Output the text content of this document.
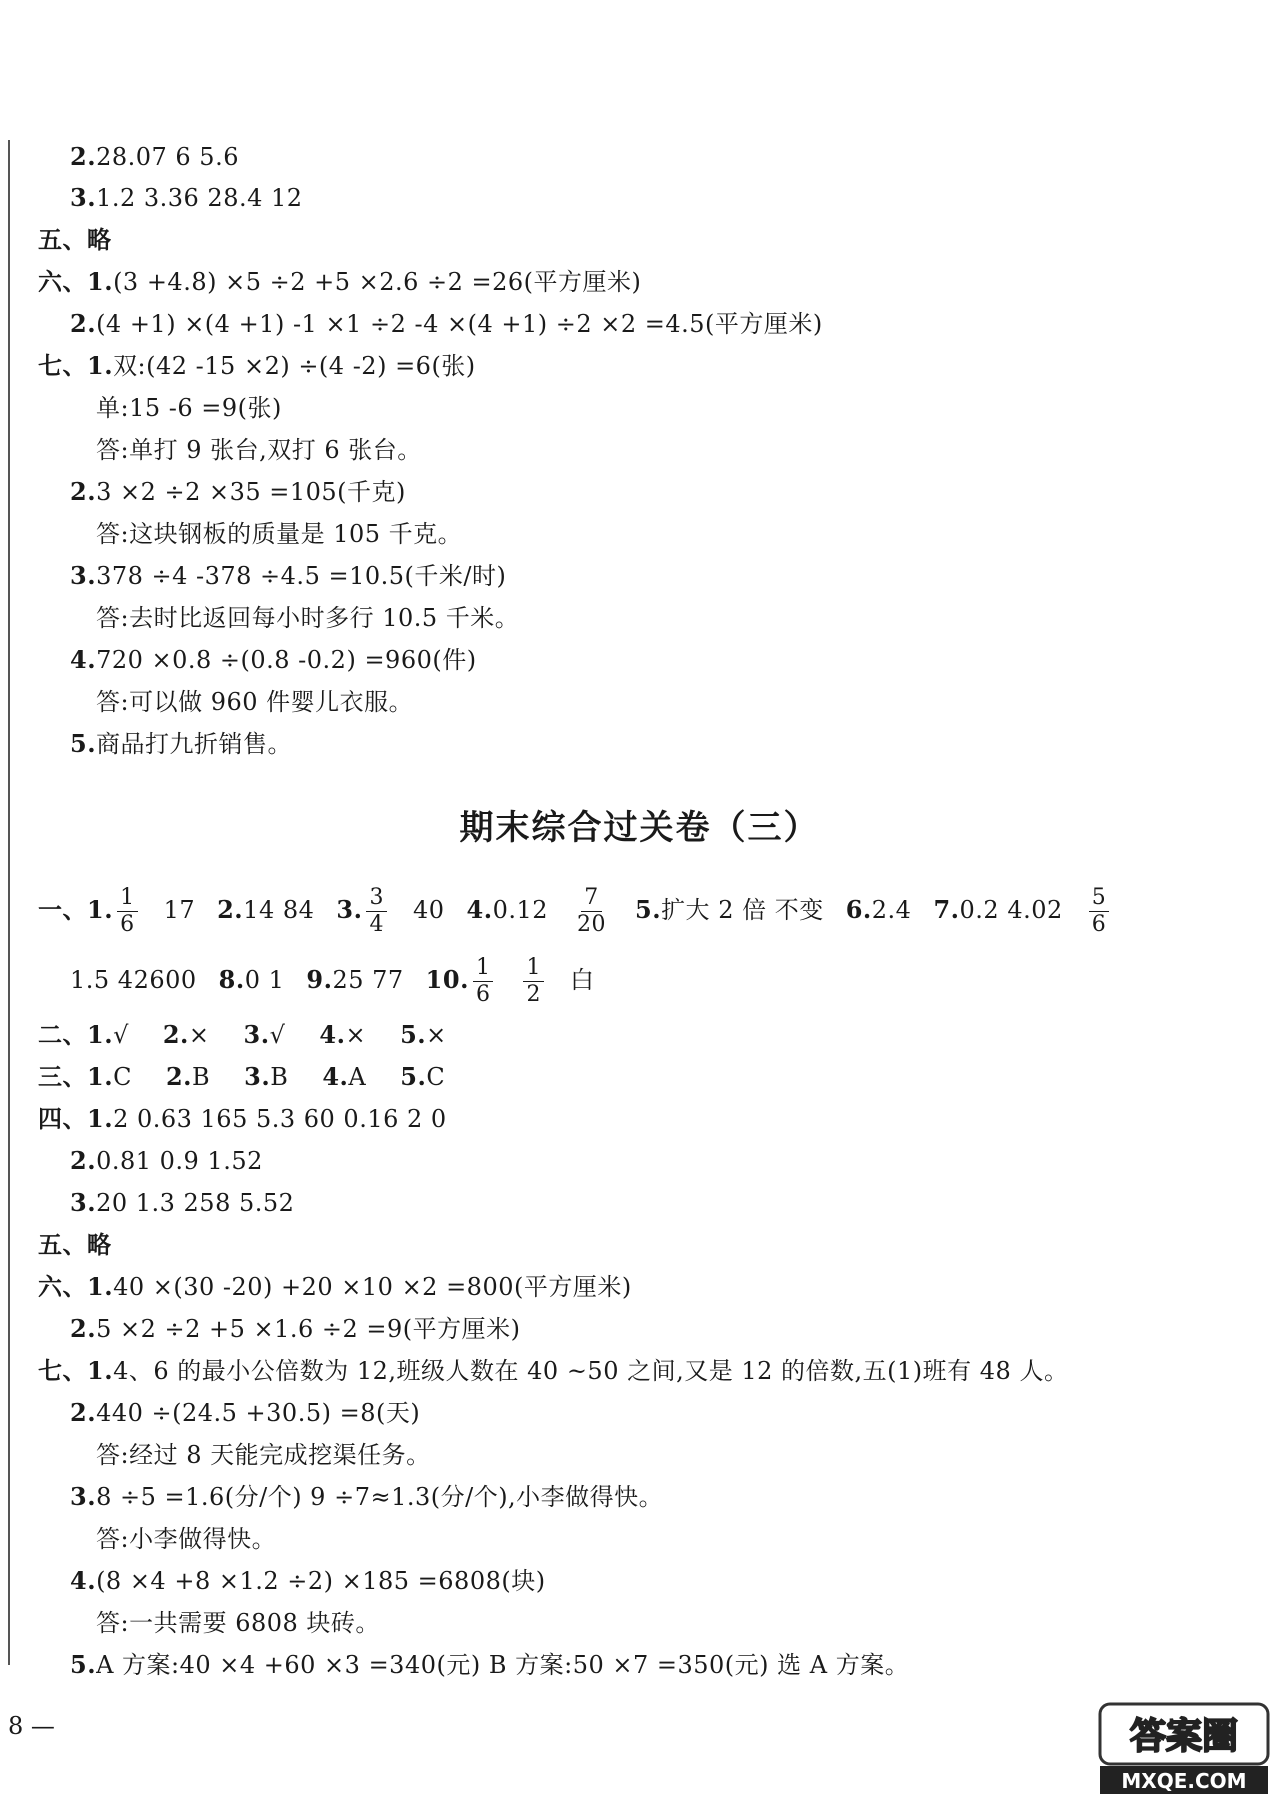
2.28.07 6 5.6
3.1.2 3.36 28.4 12
五、略
六、1.(3 +4.8) ×5 ÷2 +5 ×2.6 ÷2 =26(平方厘米)
2.(4 +1) ×(4 +1) -1 ×1 ÷2 -4 ×(4 +1) ÷2 ×2 =4.5(平方厘米)
七、1.双:(42 -15 ×2) ÷(4 -2) =6(张)
单:15 -6 =9(张)
答:单打 9 张台,双打 6 张台。
2.3 ×2 ÷2 ×35 =105(千克)
答:这块钢板的质量是 105 千克。
3.378 ÷4 -378 ÷4.5 =10.5(千米/时)
答:去时比返回每小时多行 10.5 千米。
4.720 ×0.8 ÷(0.8 -0.2) =960(件)
答:可以做 960 件婴儿衣服。
5.商品打九折销售。
期末综合过关卷（三）
一、1. $\frac{1}{6} 17$ 2.14 84 3. $\frac{3}{4} 40$ $4.0.12 \frac{7}{20} 5$.扩大 2 倍 不变 6.2.4 7.0.2 $4.02 \frac{5}{6}$
1.5 42600 8.0 1 9.25 77 10. $\frac{1}{6} \frac{1}{2}$ 白
二、1.√ 2.× 3.√ 4.× 5.×
三、1.C 2.B 3.B 4.A 5.C
四、1.2 0.63 165 5.3 60 0.16 2 0
2.0.81 0.9 1.52
3.20 1.3 258 5.52
五、略
六、1.40 ×(30 -20) +20 ×10 ×2 =800(平方厘米)
2.5 ×2 ÷2 +5 ×1.6 ÷2 =9(平方厘米)
七、1.4、6 的最小公倍数为 12,班级人数在 40 ~50 之间,又是 12 的倍数,五(1)班有 48 人。
2.440 ÷(24.5 +30.5) =8(天)
答:经过 8 天能完成挖渠任务。
3.8 ÷5 =1.6(分/个) 9 ÷7≈1.3(分/个),小李做得快。
答:小李做得快。
4.(8 ×4 +8 ×1.2 ÷2) ×185 =6808(块)
答:一共需要 6808 块砖。
5.A 方案:40 ×4 +60 ×3 =340(元) B 方案:50 ×7 =350(元) 选 A 方案。
8 —	答案圈
MXQE.COM
